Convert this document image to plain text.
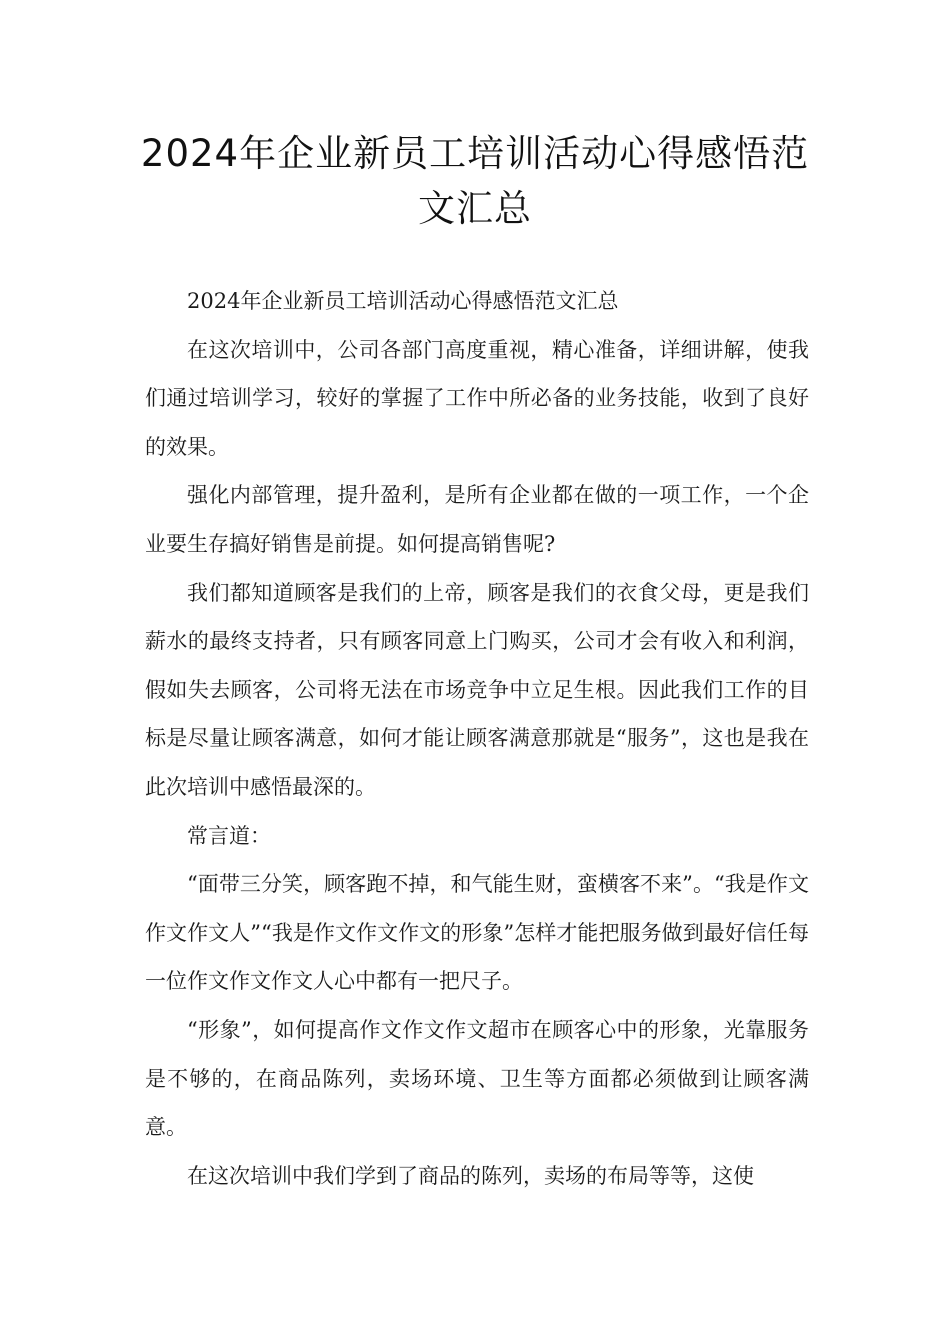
2024年企业新员工培训活动心得感悟范
文汇总

2024年企业新员工培训活动心得感悟范文汇总

在这次培训中，公司各部门高度重视，精心准备，详细讲解，使我们通过培训学习，较好的掌握了工作中所必备的业务技能，收到了良好的效果。

强化内部管理，提升盈利，是所有企业都在做的一项工作，一个企业要生存搞好销售是前提。如何提高销售呢?

我们都知道顾客是我们的上帝，顾客是我们的衣食父母，更是我们薪水的最终支持者，只有顾客同意上门购买，公司才会有收入和利润，假如失去顾客，公司将无法在市场竞争中立足生根。因此我们工作的目标是尽量让顾客满意，如何才能让顾客满意那就是“服务”，这也是我在此次培训中感悟最深的。

常言道：

“面带三分笑，顾客跑不掉，和气能生财，蛮横客不来”。“我是作文作文作文人”“我是作文作文作文的形象”怎样才能把服务做到最好信任每一位作文作文作文人心中都有一把尺子。

“形象”，如何提高作文作文作文超市在顾客心中的形象，光靠服务是不够的，在商品陈列，卖场环境、卫生等方面都必须做到让顾客满意。

在这次培训中我们学到了商品的陈列，卖场的布局等等，这使
